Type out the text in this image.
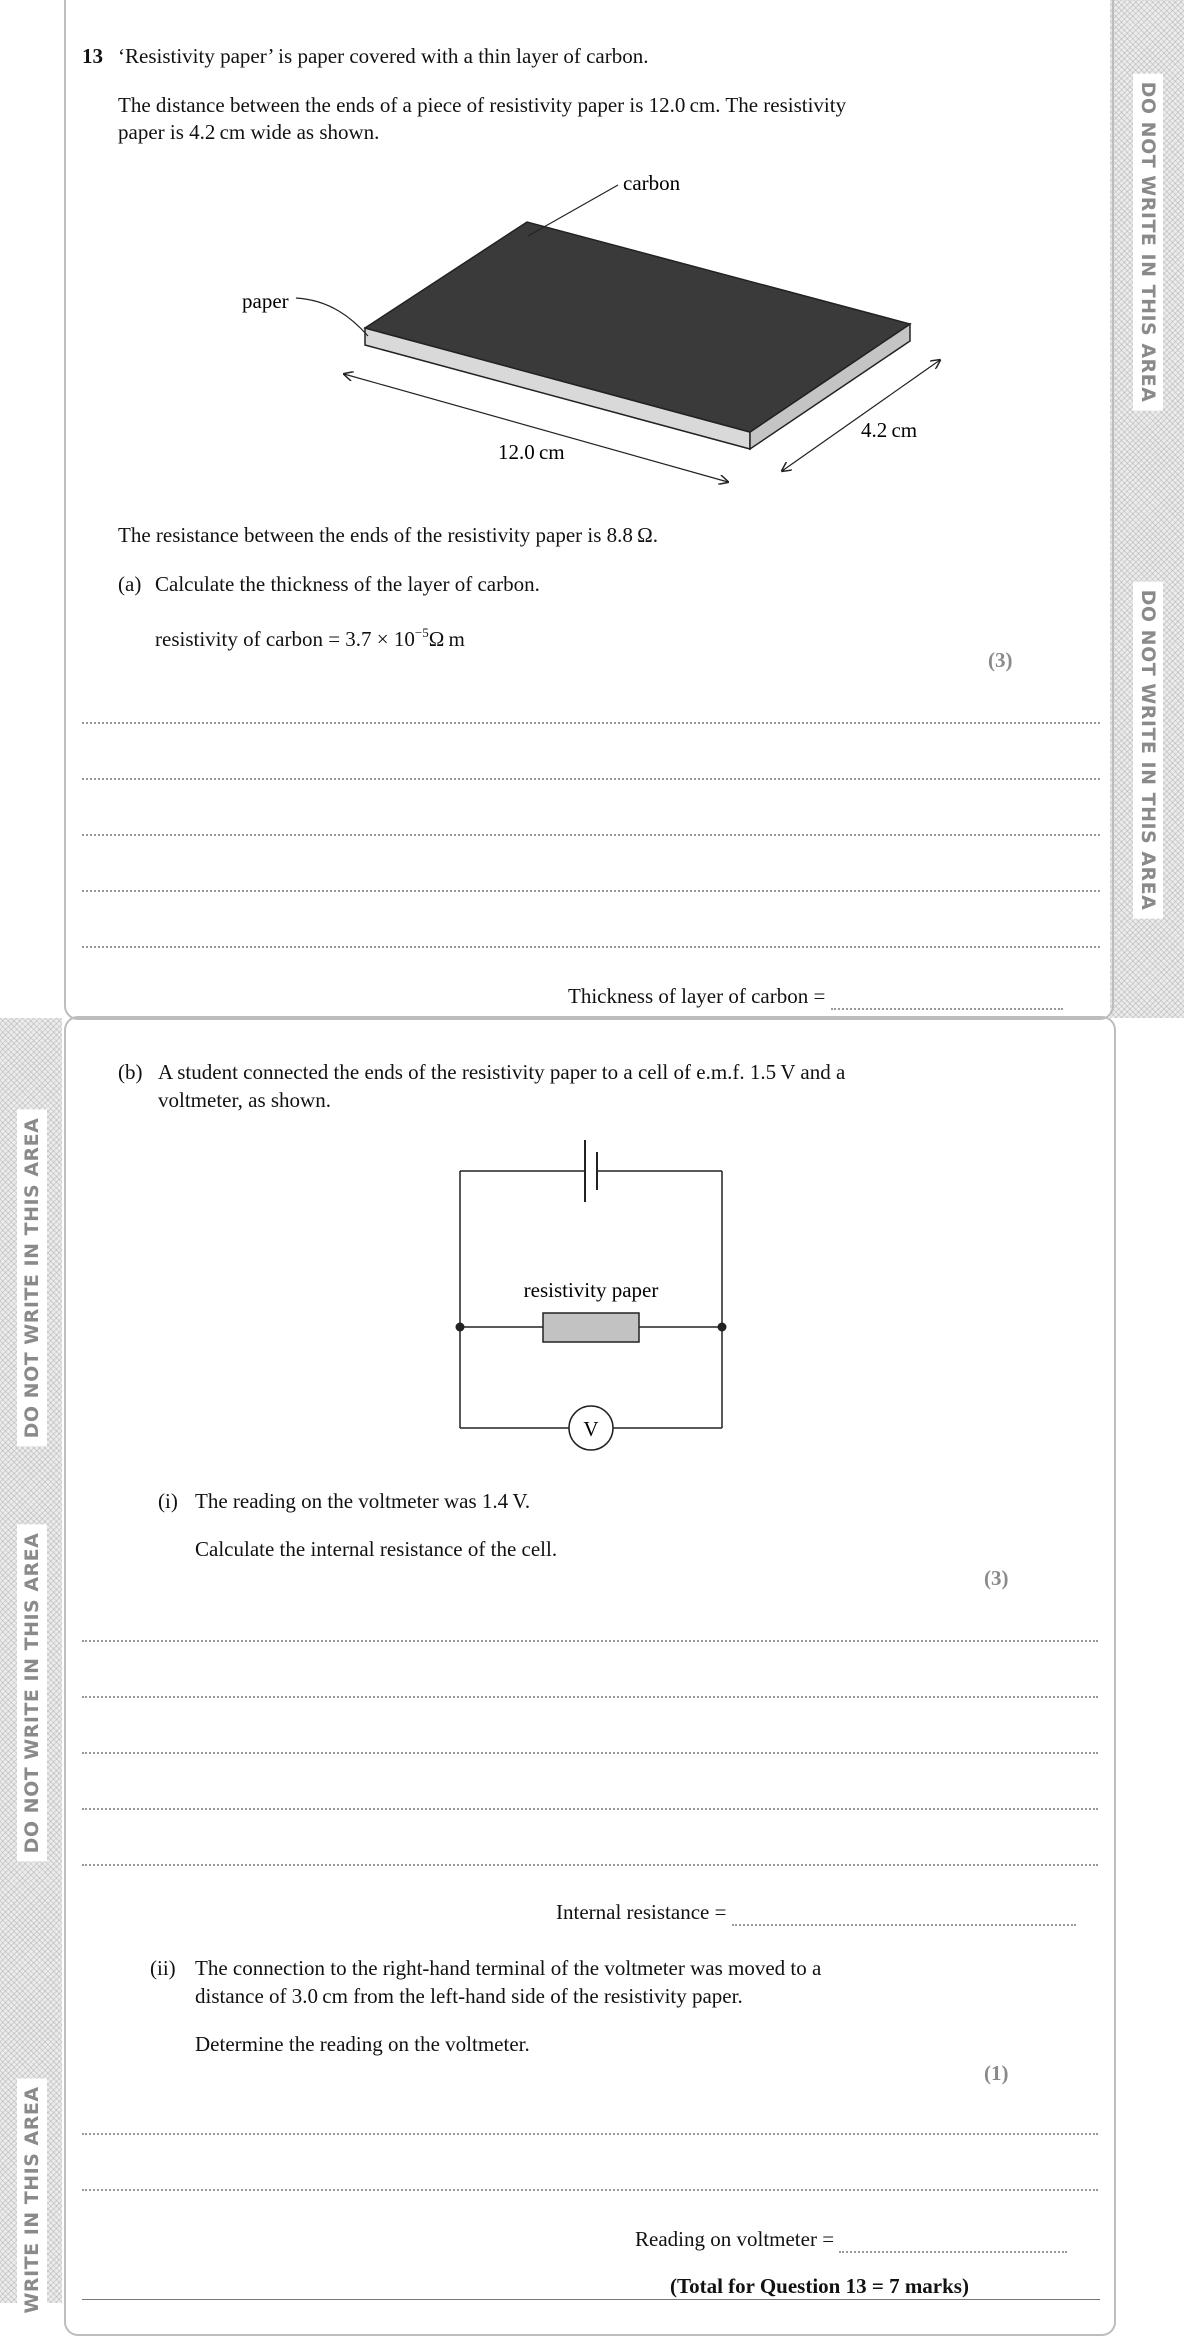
DO NOT WRITE IN THIS AREA
DO NOT WRITE IN THIS AREA
DO NOT WRITE IN THIS AREA
DO NOT WRITE IN THIS AREA
WRITE IN THIS AREA
13 ‘Resistivity paper’ is paper covered with a thin layer of carbon.
The distance between the ends of a piece of resistivity paper is 12.0 cm. The resistivity
paper is 4.2 cm wide as shown.
carbon
paper
12.0 cm
4.2 cm
The resistance between the ends of the resistivity paper is 8.8 Ω.
(a) Calculate the thickness of the layer of carbon.
resistivity of carbon = $3.7 \times 10^{-5}\Omega$ m
(3)
Thickness of layer of carbon =
(b) A student connected the ends of the resistivity paper to a cell of e.m.f. 1.5 V and a
voltmeter, as shown.
V
resistivity paper
(i) The reading on the voltmeter was 1.4 V.
Calculate the internal resistance of the cell.
(3)
Internal resistance =
(ii) The connection to the right-hand terminal of the voltmeter was moved to a
distance of 3.0 cm from the left-hand side of the resistivity paper.
Determine the reading on the voltmeter.
(1)
Reading on voltmeter =
(Total for Question 13 = 7 marks)
